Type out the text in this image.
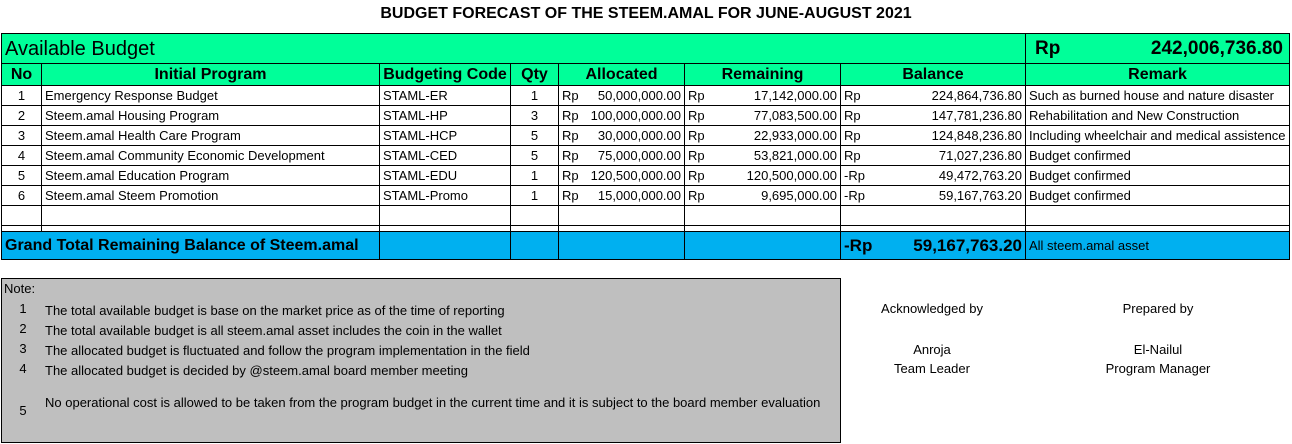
BUDGET FORECAST OF THE STEEM.AMAL FOR JUNE-AUGUST 2021
Available Budget							Rp 242,006,736.80

No	Initial Program	Budgeting Code	Qty	Allocated	Remaining	Balance	Remark
1	Emergency Response Budget	STAML-ER	1	Rp 50,000,000.00	Rp 17,142,000.00	Rp 224,864,736.80	Such as burned house and nature disaster
2	Steem.amal Housing Program	STAML-HP	3	Rp 100,000,000.00	Rp 77,083,500.00	Rp 147,781,236.80	Rehabilitation and New Construction
3	Steem.amal Health Care Program	STAML-HCP	5	Rp 30,000,000.00	Rp 22,933,000.00	Rp 124,848,236.80	Including wheelchair and medical assistence
4	Steem.amal Community Economic Development	STAML-CED	5	Rp 75,000,000.00	Rp 53,821,000.00	Rp 71,027,236.80	Budget confirmed
5	Steem.amal Education Program	STAML-EDU	1	Rp 120,500,000.00	Rp 120,500,000.00	-Rp 49,472,763.20	Budget confirmed
6	Steem.amal Steem Promotion	STAML-Promo	1	Rp 15,000,000.00	Rp 9,695,000.00	-Rp 59,167,763.20	Budget confirmed

Grand Total Remaining Balance of Steem.amal						-Rp 59,167,763.20	All steem.amal asset
Note:
1 The total available budget is base on the market price as of the time of reporting
2 The total available budget is all steem.amal asset includes the coin in the wallet
3 The allocated budget is fluctuated and follow the program implementation in the field
4 The allocated budget is decided by @steem.amal board member meeting
5
No operational cost is allowed to be taken from the program budget in the current time and it is subject to the board member evaluation
Acknowledged by
Anroja
Team Leader
Prepared by
El-Nailul
Program Manager
